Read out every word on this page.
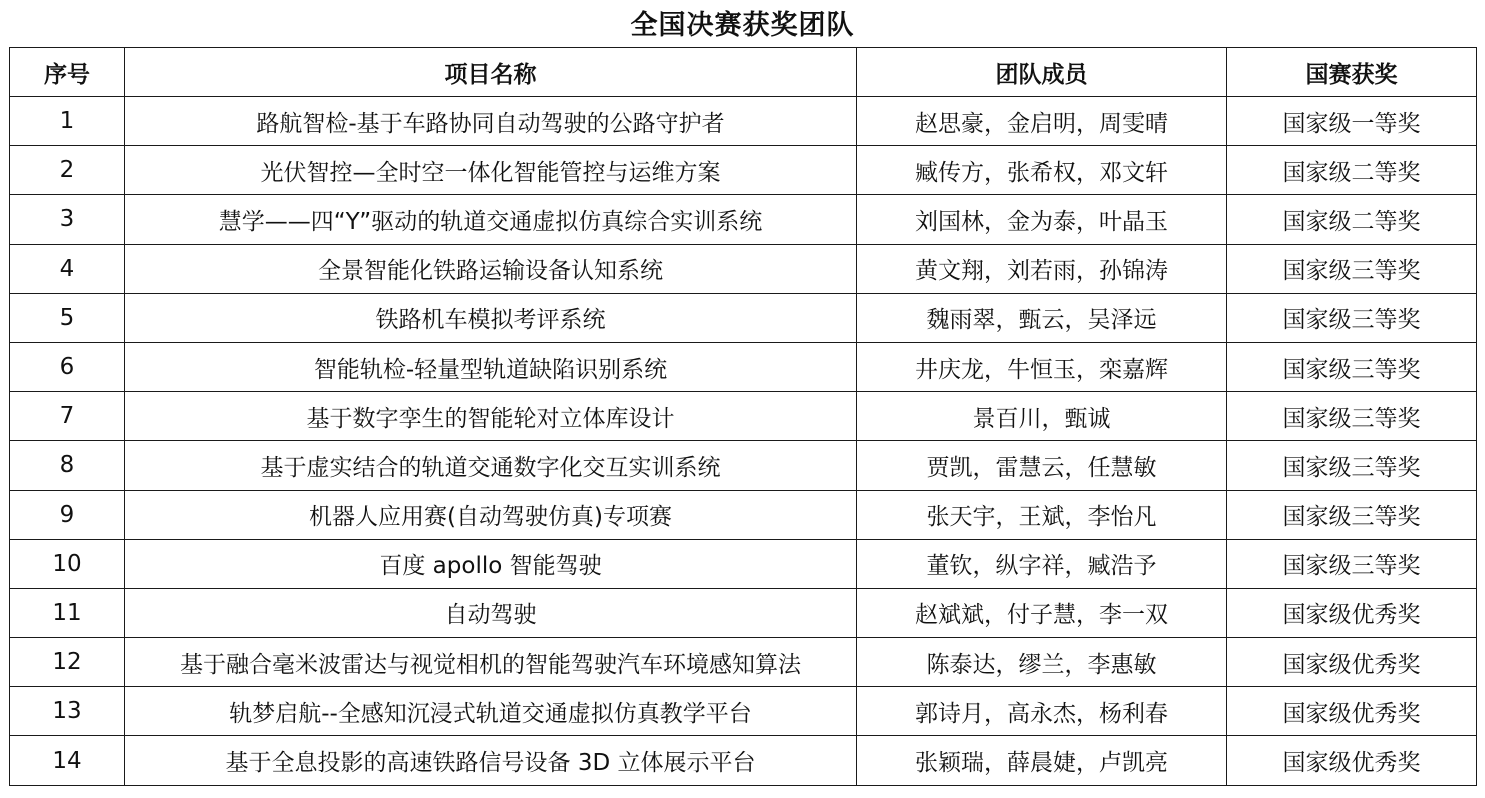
全国决赛获奖团队
序号	项目名称	团队成员	国赛获奖
1	路航智检-基于车路协同自动驾驶的公路守护者	赵思豪，金启明，周雯晴	国家级一等奖
2	光伏智控—全时空一体化智能管控与运维方案	臧传方，张希权，邓文轩	国家级二等奖
3	慧学——四“Y”驱动的轨道交通虚拟仿真综合实训系统	刘国林，金为泰，叶晶玉	国家级二等奖
4	全景智能化铁路运输设备认知系统	黄文翔，刘若雨，孙锦涛	国家级三等奖
5	铁路机车模拟考评系统	魏雨翠，甄云，吴泽远	国家级三等奖
6	智能轨检-轻量型轨道缺陷识别系统	井庆龙，牛恒玉，栾嘉辉	国家级三等奖
7	基于数字孪生的智能轮对立体库设计	景百川，甄诚	国家级三等奖
8	基于虚实结合的轨道交通数字化交互实训系统	贾凯，雷慧云，任慧敏	国家级三等奖
9	机器人应用赛(自动驾驶仿真)专项赛	张天宇，王斌，李怡凡	国家级三等奖
10	百度 apollo 智能驾驶	董钦，纵字祥，臧浩予	国家级三等奖
11	自动驾驶	赵斌斌，付子慧，李一双	国家级优秀奖
12	基于融合毫米波雷达与视觉相机的智能驾驶汽车环境感知算法	陈泰达，缪兰，李惠敏	国家级优秀奖
13	轨梦启航--全感知沉浸式轨道交通虚拟仿真教学平台	郭诗月，高永杰，杨利春	国家级优秀奖
14	基于全息投影的高速铁路信号设备 3D 立体展示平台	张颖瑞，薛晨婕，卢凯亮	国家级优秀奖
